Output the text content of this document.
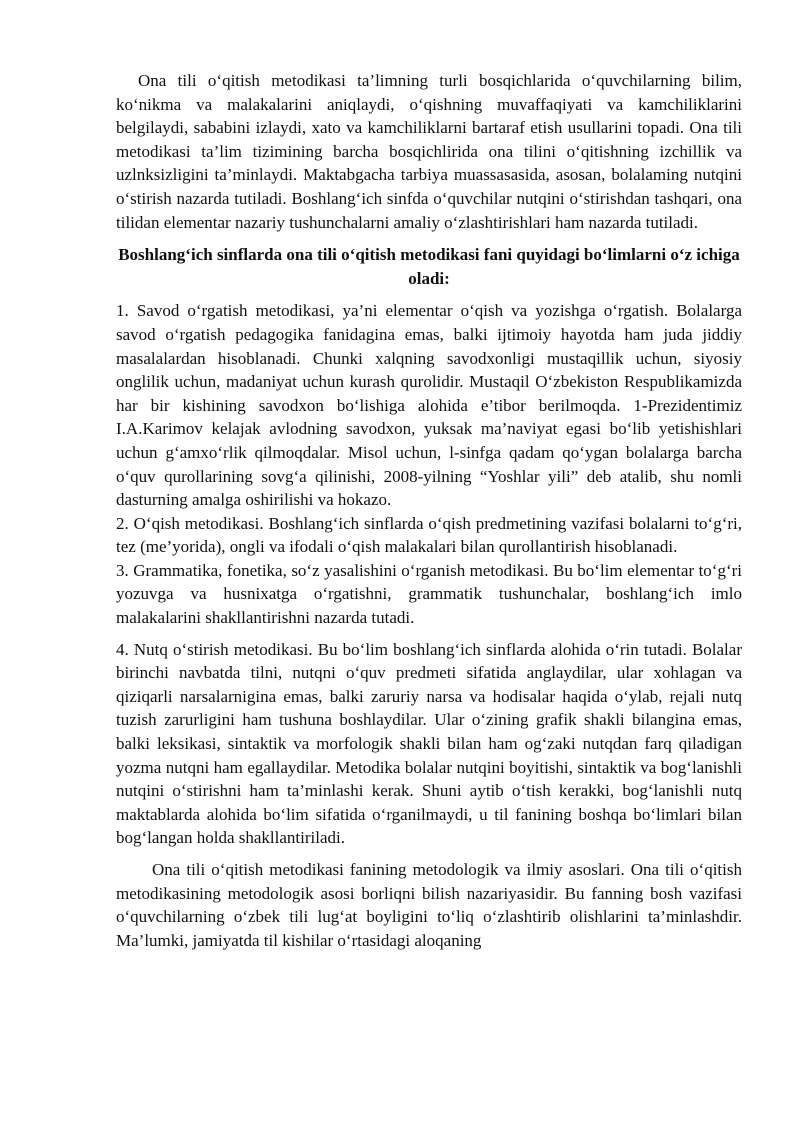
Ona tili o‘qitish metodikasi ta’limning turli bosqichlarida o‘quvchilarning bilim, ko‘nikma va malakalarini aniqlaydi, o‘qishning muvaffaqiyati va kamchiliklarini belgilaydi, sababini izlaydi, xato va kamchiliklarni bartaraf etish usullarini topadi. Ona tili metodikasi ta’lim tizimining barcha bosqichlirida ona tilini o‘qitishning izchillik va uzlnksizligini ta’minlaydi. Maktabgacha tarbiya muassasasida, asosan, bolalaming nutqini o‘stirish nazarda tutiladi. Boshlang‘ich sinfda o‘quvchilar nutqini o‘stirishdan tashqari, ona tilidan elementar nazariy tushunchalarni amaliy o‘zlashtirishlari ham nazarda tutiladi.

Boshlang‘ich sinflarda ona tili o‘qitish metodikasi fani quyidagi bo‘limlarni o‘z ichiga oladi:

1. Savod o‘rgatish metodikasi, ya’ni elementar o‘qish va yozishga o‘rgatish. Bolalarga savod o‘rgatish pedagogika fanidagina emas, balki ijtimoiy hayotda ham juda jiddiy masalalardan hisoblanadi. Chunki xalqning savodxonligi mustaqillik uchun, siyosiy onglilik uchun, madaniyat uchun kurash qurolidir. Mustaqil O‘zbekiston Respublikamizda har bir kishining savodxon bo‘lishiga alohida e’tibor berilmoqda. 1-Prezidentimiz I.A.Karimov kelajak avlodning savodxon, yuksak ma’naviyat egasi bo‘lib yetishishlari uchun g‘amxo‘rlik qilmoqdalar. Misol uchun, l-sinfga qadam qo‘ygan bolalarga barcha o‘quv qurollarining sovg‘a qilinishi, 2008-yilning “Yoshlar yili” deb atalib, shu nomli dasturning amalga oshirilishi va hokazo.

2. O‘qish metodikasi. Boshlang‘ich sinflarda o‘qish predmetining vazifasi bolalarni to‘g‘ri, tez (me’yorida), ongli va ifodali o‘qish malakalari bilan qurollantirish hisoblanadi.

3. Grammatika, fonetika, so‘z yasalishini o‘rganish metodikasi. Bu bo‘lim elementar to‘g‘ri yozuvga va husnixatga o‘rgatishni, grammatik tushunchalar, boshlang‘ich imlo malakalarini shakllantirishni nazarda tutadi.

4. Nutq o‘stirish metodikasi. Bu bo‘lim boshlang‘ich sinflarda alohida o‘rin tutadi. Bolalar birinchi navbatda tilni, nutqni o‘quv predmeti sifatida anglaydilar, ular xohlagan va qiziqarli narsalarnigina emas, balki zaruriy narsa va hodisalar haqida o‘ylab, rejali nutq tuzish zarurligini ham tushuna boshlaydilar. Ular o‘zining grafik shakli bilangina emas, balki leksikasi, sintaktik va morfologik shakli bilan ham og‘zaki nutqdan farq qiladigan yozma nutqni ham egallaydilar. Metodika bolalar nutqini boyitishi, sintaktik va bog‘lanishli nutqini o‘stirishni ham ta’minlashi kerak. Shuni aytib o‘tish kerakki, bog‘lanishli nutq maktablarda alohida bo‘lim sifatida o‘rganilmaydi, u til fanining boshqa bo‘limlari bilan bog‘langan holda shakllantiriladi.

Ona tili o‘qitish metodikasi fanining metodologik va ilmiy asoslari. Ona tili o‘qitish metodikasining metodologik asosi borliqni bilish nazariyasidir. Bu fanning bosh vazifasi o‘quvchilarning o‘zbek tili lug‘at boyligini to‘liq o‘zlashtirib olishlarini ta’minlashdir. Ma’lumki, jamiyatda til kishilar o‘rtasidagi aloqaning
